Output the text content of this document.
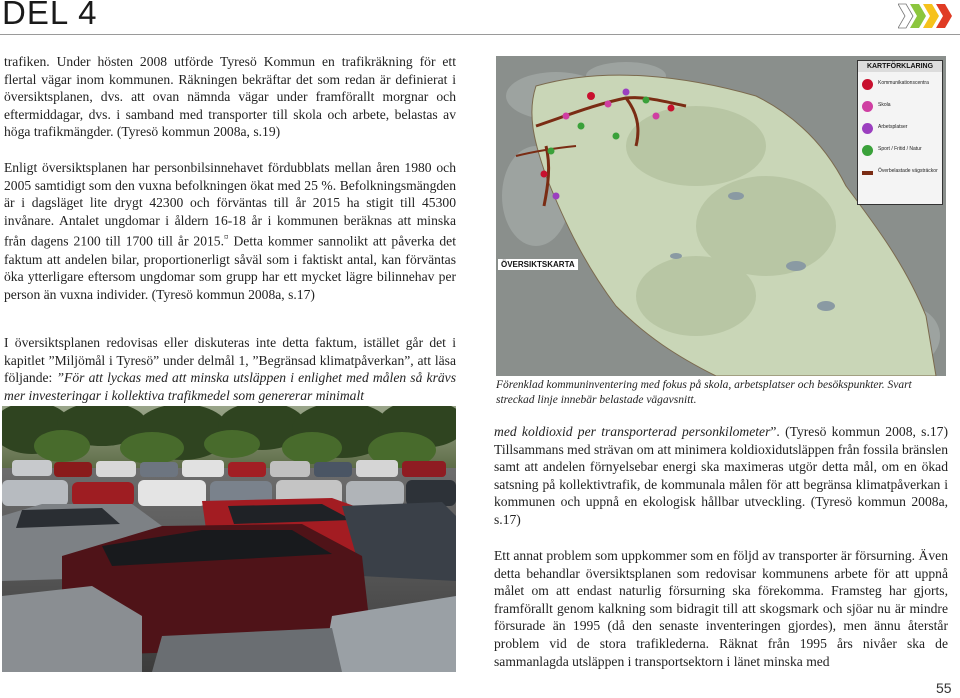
DEL 4

trafiken. Under hösten 2008 utförde Tyresö Kommun en trafikräkning för ett flertal vägar inom kommunen. Räkningen bekräftar det som redan är definierat i översiktsplanen, dvs. att ovan nämnda vägar under framförallt morgnar och eftermiddagar, dvs. i samband med transporter till skola och arbete, belastas av höga trafikmängder. (Tyresö kommun 2008a, s.19)

Enligt översiktsplanen har personbilsinnehavet fördubblats mellan åren 1980 och 2005 samtidigt som den vuxna befolkningen ökat med 25 %. Befolkningsmängden är i dagsläget lite drygt 42300 och förväntas till år 2015 ha stigit till 45300 invånare. Antalet ungdomar i åldern 16-18 år i kommunen beräknas att minska från dagens 2100 till 1700 till år 2015.¤ Detta kommer sannolikt att påverka det faktum att andelen bilar, proportionerligt såväl som i faktiskt antal, kan förväntas öka ytterligare eftersom ungdomar som grupp har ett mycket lägre bilinnehav per person än vuxna individer. (Tyresö kommun 2008a, s.17)

I översiktsplanen redovisas eller diskuteras inte detta faktum, istället går det i kapitlet ”Miljömål i Tyresö” under delmål 1, ”Begränsad klimatpåverkan”, att läsa följande: ”För att lyckas med att minska utsläppen i enlighet med målen så krävs mer investeringar i kollektiva trafikmedel som genererar minimalt

KARTFÖRKLARING
Kommunikationscentra
Skola
Arbetsplatser
Sport / Fritid / Natur
Överbelastade vägsträckor
ÖVERSIKTSKARTA

Förenklad kommuninventering med fokus på skola, arbetsplatser och besökspunkter. Svart streckad linje innebär belastade vägavsnitt.

med koldioxid per transporterad personkilometer”. (Tyresö kommun 2008, s.17) Tillsammans med strävan om att minimera koldioxidutsläppen från fossila bränslen samt att andelen förnyelsebar energi ska maximeras utgör detta mål, om en ökad satsning på kollektivtrafik, de kommunala målen för att begränsa klimatpåverkan i kommunen och uppnå en ekologisk hållbar utveckling. (Tyresö kommun 2008a, s.17)

Ett annat problem som uppkommer som en följd av transporter är försurning. Även detta behandlar översiktsplanen som redovisar kommunens arbete för att uppnå målet om att endast naturlig försurning ska förekomma. Framsteg har gjorts, framförallt genom kalkning som bidragit till att skogsmark och sjöar nu är mindre försurade än 1995 (då den senaste inventeringen gjordes), men ännu återstår problem vid de stora trafiklederna. Räknat från 1995 års nivåer ska de sammanlagda utsläppen i transportsektorn i länet minska med

55
